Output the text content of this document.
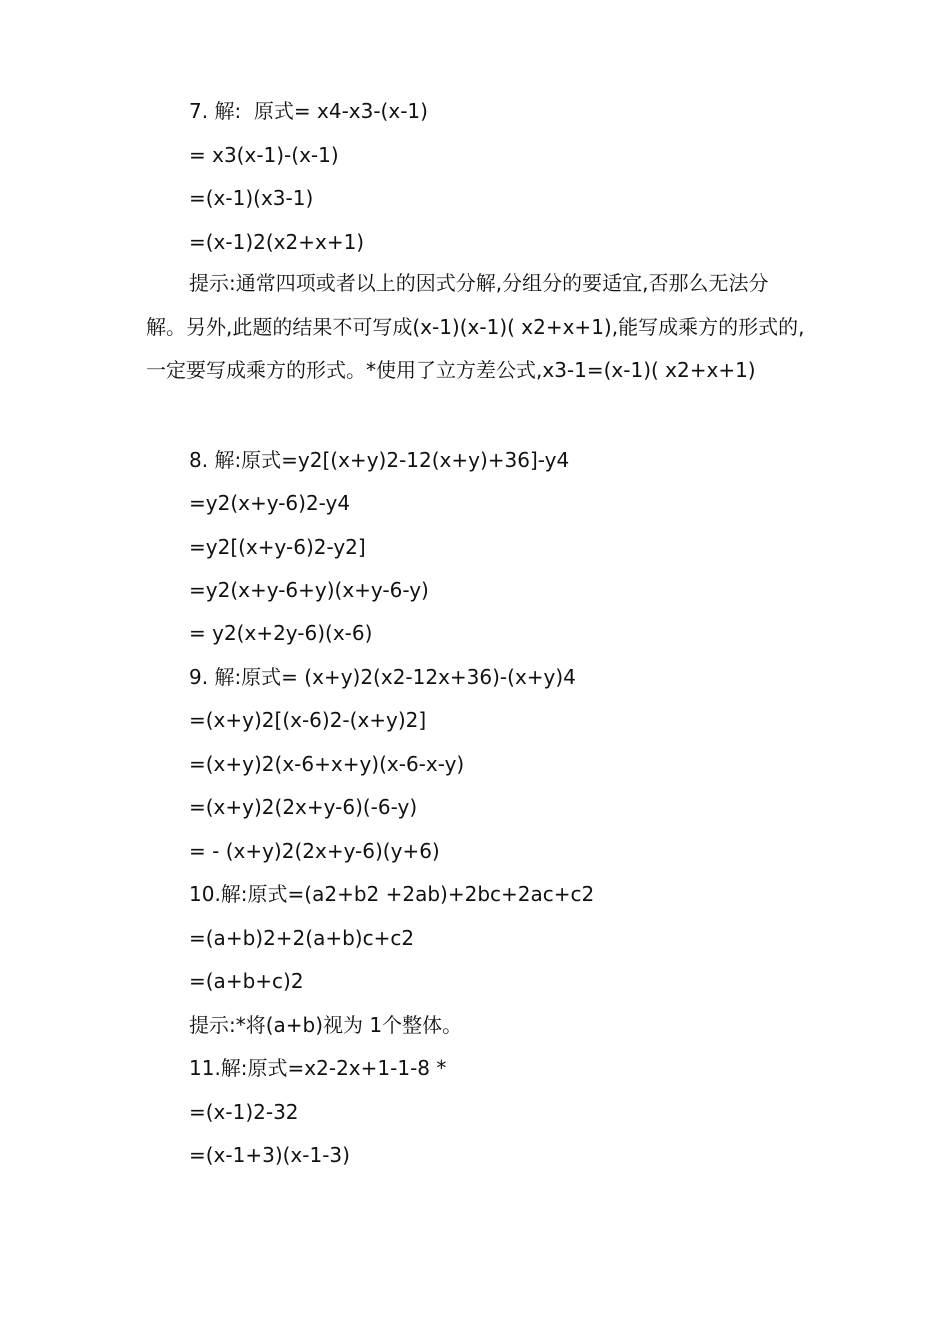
7. 解:  原式= x4-x3-(x-1)
= x3(x-1)-(x-1)
=(x-1)(x3-1)
=(x-1)2(x2+x+1)
提示:通常四项或者以上的因式分解,分组分的要适宜,否那么无法分解。另外,此题的结果不可写成(x-1)(x-1)( x2+x+1),能写成乘方的形式的,一定要写成乘方的形式。*使用了立方差公式,x3-1=(x-1)( x2+x+1)
8. 解:原式=y2[(x+y)2-12(x+y)+36]-y4
=y2(x+y-6)2-y4
=y2[(x+y-6)2-y2]
=y2(x+y-6+y)(x+y-6-y)
= y2(x+2y-6)(x-6)
9. 解:原式= (x+y)2(x2-12x+36)-(x+y)4
=(x+y)2[(x-6)2-(x+y)2]
=(x+y)2(x-6+x+y)(x-6-x-y)
=(x+y)2(2x+y-6)(-6-y)
= - (x+y)2(2x+y-6)(y+6)
10.解:原式=(a2+b2 +2ab)+2bc+2ac+c2
=(a+b)2+2(a+b)c+c2
=(a+b+c)2
提示:*将(a+b)视为 1个整体。
11.解:原式=x2-2x+1-1-8 *
=(x-1)2-32
=(x-1+3)(x-1-3)
